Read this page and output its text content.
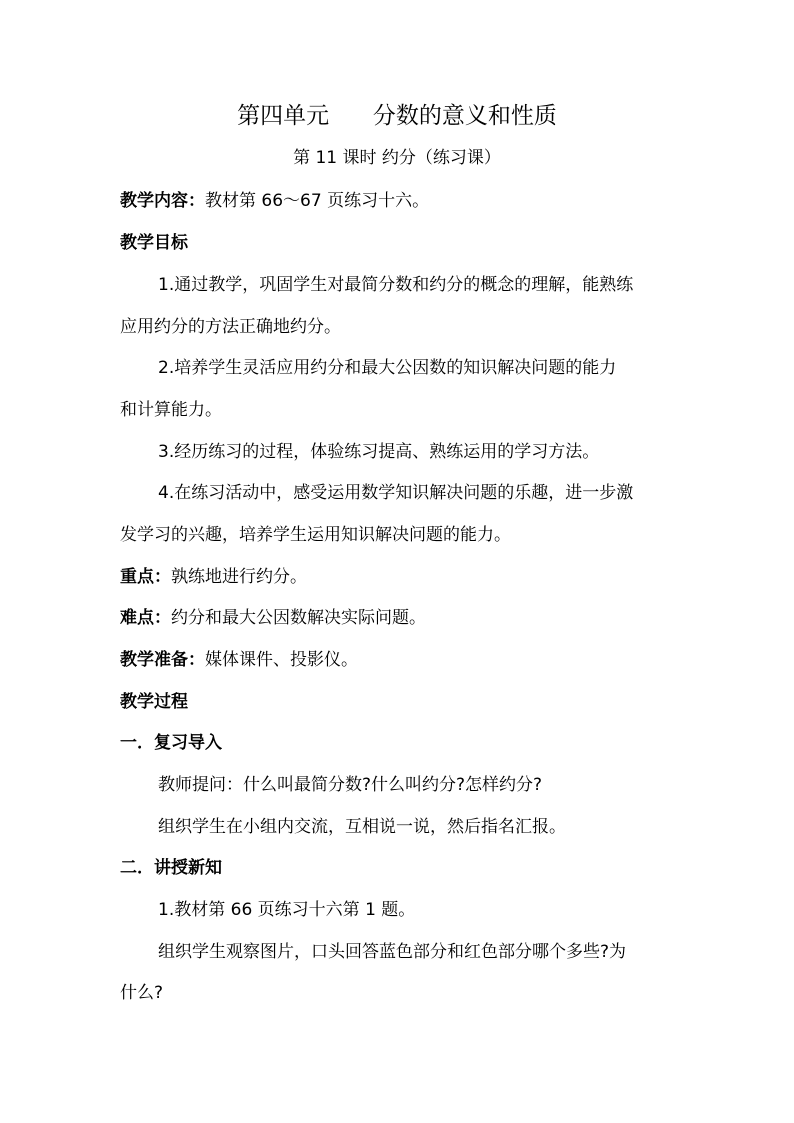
第四单元      分数的意义和性质
第 11 课时 约分（练习课）
教学内容：教材第 66～67 页练习十六。
教学目标
1.通过教学，巩固学生对最简分数和约分的概念的理解，能熟练
应用约分的方法正确地约分。
2.培养学生灵活应用约分和最大公因数的知识解决问题的能力
和计算能力。
3.经历练习的过程，体验练习提高、熟练运用的学习方法。
4.在练习活动中，感受运用数学知识解决问题的乐趣，进一步激
发学习的兴趣，培养学生运用知识解决问题的能力。
重点：孰练地进行约分。
难点：约分和最大公因数解决实际问题。
教学准备：媒体课件、投影仪。
教学过程
一．复习导入
教师提问：什么叫最简分数?什么叫约分?怎样约分?
组织学生在小组内交流，互相说一说，然后指名汇报。
二．讲授新知
1.教材第 66 页练习十六第 1 题。
组织学生观察图片，口头回答蓝色部分和红色部分哪个多些?为
什么?
